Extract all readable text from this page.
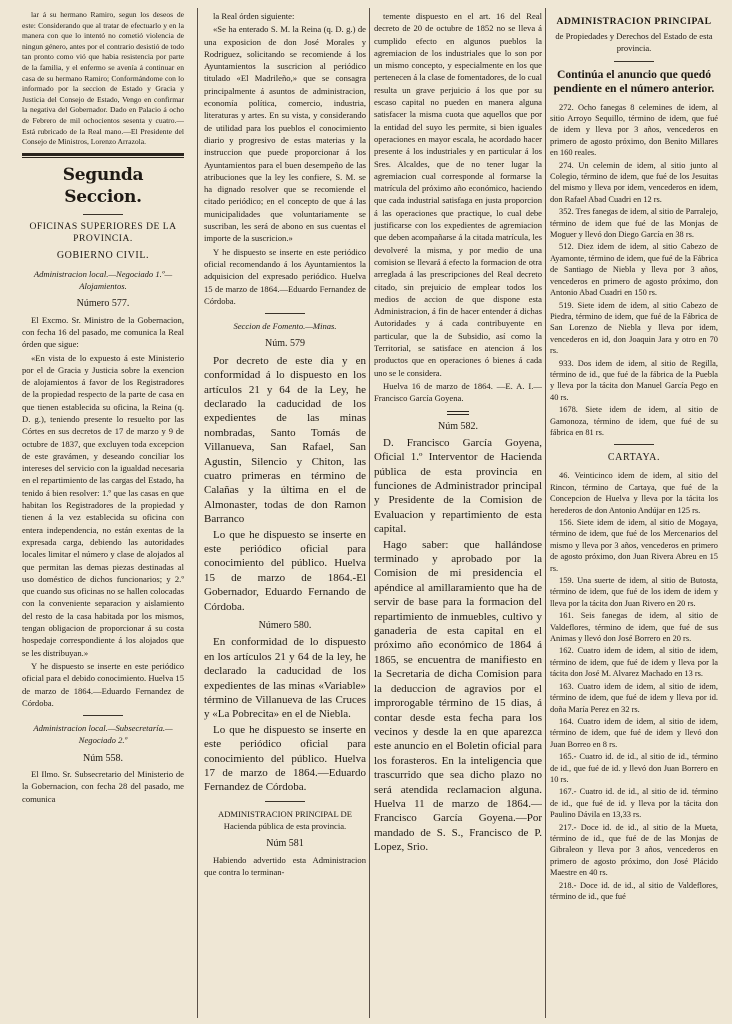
lar á su hermano Ramiro, segun los deseos de este: Considerando que al tratar de efectuarlo y en la manera con que lo intentó no cometió violencia de ningun género, antes por el contrario desistió de todo tan pronto como vió que habia resistencia por parte de la familia, y el enfermo se avenía á continuar en casa de su hermano Ramiro; Conformándome con lo informado por la seccion de Estado y Gracia y Justicia del Consejo de Estado, Vengo en confirmar la negativa del Gobernador. Dado en Palacio á ocho de Febrero de mil ochocientos sesenta y cuatro.— Está rubricado de la Real mano.—El Presidente del Consejo de Ministros, Lorenzo Arrazola.

Segunda Seccion.
OFICINAS SUPERIORES DE LA PROVINCIA.
GOBIERNO CIVIL.

Administracion local.—Negociado 1.º—Alojamientos.

Número 577.

El Excmo. Sr. Ministro de la Gobernacion, con fecha 16 del pasado, me comunica la Real órden que sigue:

«En vista de lo expuesto á este Ministerio por el de Gracia y Justicia sobre la exencion de alojamientos á favor de los Registradores de la propiedad respecto de la parte de casa en que tienen establecida su oficina, la Reina (q. D. g.), teniendo presente lo resuelto por las Córtes en sus decretos de 17 de marzo y 9 de octubre de 1837, que excluyen toda excepcion de este gravámen, y deseando conciliar los intereses del servicio con la igualdad necesaria en el repartimiento de las cargas del Estado, ha tenido á bien resolver: 1.º que las casas en que habitan los Registradores de la propiedad y tienen á la vez establecida su oficina con entera independencia, no están exentas de la expresada carga, debiendo las autoridades locales limitar el número y clase de alojados al que permitan las demas piezas destinadas al uso doméstico de dichos funcionarios; y 2.º que cuando sus oficinas no se hallen colocadas con la conveniente separacion y aislamiento del resto de la casa habitada por los mismos, tengan obligacion de proporcionar á su costa hospedaje correspondiente á los alojados que se les distribuyan.»

Y he dispuesto se inserte en este periódico oficial para el debido conocimiento. Huelva 15 de marzo de 1864.—Eduardo Fernandez de Córdoba.

Administracion local.—Subsecretaría.—Negociado 2.º

Núm 558.

El Ilmo. Sr. Subsecretario del Ministerio de la Gobernacion, con fecha 28 del pasado, me comunica

la Real órden siguiente:

«Se ha enterado S. M. la Reina (q. D. g.) de una exposicion de don José Morales y Rodriguez, solicitando se recomiende á los Ayuntamientos la suscricion al periódico titulado «El Madrileño,» que se consagra principalmente á asuntos de administracion, economía política, comercio, industria, literaturas y artes. En su vista, y considerando de utilidad para los pueblos el conocimiento diario y progresivo de estas materias y la instruccion que puede proporcionar á los Ayuntamientos para el buen desempeño de las atribuciones que la ley les confiere, S. M. se ha dignado resolver que se recomiende el citado periódico; en el concepto de que á las municipalidades que voluntariamente se suscriban, les será de abono en sus cuentas el importe de la suscricion.»

Y he dispuesto se inserte en este periódico oficial recomendando á los Ayuntamientos la adquisicion del expresado periódico. Huelva 15 de marzo de 1864.—Eduardo Fernandez de Córdoba.

Seccion de Fomento.—Minas.

Núm. 579

Por decreto de este dia y en conformidad á lo dispuesto en los artículos 21 y 64 de la Ley, he declarado la caducidad de los expedientes de las minas nombradas, Santo Tomás de Villanueva, San Rafael, San Agustin, Silencio y Chiton, las cuatro primeras en término de Calañas y la última en el de Almonaster, todas de don Ramon Barranco

Lo que he dispuesto se inserte en este periódico oficial para conocimiento del público. Huelva 15 de marzo de 1864.-El Gobernador, Eduardo Fernando de Córdoba.

Número 580.

En conformidad de lo dispuesto en los artículos 21 y 64 de la ley, he declarado la caducidad de los expedientes de las minas «Variable» término de Villanueva de las Cruces y «La Pobrecita» en el de Niebla.

Lo que he dispuesto se inserte en este periódico oficial para conocimiento del público. Huelva 17 de marzo de 1864.—Eduardo Fernandez de Córdoba.

ADMINISTRACION PRINCIPAL DE Hacienda pública de esta provincia.

Núm 581

Habiendo advertido esta Administracion que contra lo terminan-

temente dispuesto en el art. 16 del Real decreto de 20 de octubre de 1852 no se lleva á cumplido efecto en algunos pueblos la agremiacion de los industriales que lo son por un mismo concepto, y especialmente en los que pertenecen á la clase de fomentadores, de lo cual resulta un grave perjuicio á los que por su escaso capital no pueden en manera alguna satisfacer la misma cuota que aquellos que por la entidad del suyo les permite, si bien iguales operaciones en mayor escala, he acordado hacer presente á los industriales y en particular á los Sres. Alcaldes, que de no tener lugar la agremiacion cual corresponde al formarse la matrícula del próximo año económico, haciendo que cada industrial satisfaga en justa proporcion á las operaciones que practique, lo cual debe justificarse con los expedientes de agremiacion que deben acompañarse á la citada matrícula, les devolveré la misma, y por medio de una comision se llevará á efecto la formacion de otra arreglada á las prescripciones del Real decreto citado, sin prejuicio de emplear todos los medios de accion de que dispone esta Administracion, á fin de hacer entender á dichas Autoridades y á cada contribuyente en particular, que la de Subsidio, así como la Territorial, se satisface en atencion á los productos que en operaciones ó bienes á cada uno se le considera.

Huelva 16 de marzo de 1864. —E. A. I.—Francisco García Goyena.

Núm 582.

D. Francisco García Goyena, Oficial 1.º Interventor de Hacienda pública de esta provincia en funciones de Administrador principal y Presidente de la Comision de Evaluacion y repartimiento de esta capital.

Hago saber: que hallándose terminado y aprobado por la Comision de mi presidencia el apéndice al amillaramiento que ha de servir de base para la formacion del repartimiento de inmuebles, cultivo y ganaderia de esta capital en el próximo año económico de 1864 á 1865, se encuentra de manifiesto en la Secretaria de dicha Comision para la deduccion de agravios por el improrogable término de 15 dias, á contar desde esta fecha para los vecinos y desde la en que aparezca este anuncio en el Boletin oficial para los forasteros. En la inteligencia que trascurrido que sea dicho plazo no será atendida reclamacion alguna. Huelva 11 de marzo de 1864.—Francisco García Goyena.—Por mandado de S. S., Francisco de P. Lopez, Srio.

ADMINISTRACION PRINCIPAL

de Propiedades y Derechos del Estado de esta provincia.

Continúa el anuncio que quedó pendiente en el número anterior.

272. Ocho fanegas 8 celemines de idem, al sitio Arroyo Sequillo, término de idem, que fué de idem y lleva por 3 años, vencederos en primero de agosto próximo, don Benito Millares en 160 reales.

274. Un celemin de idem, al sitio junto al Colegio, término de idem, que fué de los Jesuitas del mismo y lleva por idem, vencederos en idem, don Rafael Abad Cuadri en 12 rs.

352. Tres fanegas de idem, al sitio de Parralejo, término de idem que fué de las Monjas de Moguer y llevó don Diego García en 38 rs.

512. Diez idem de idem, al sitio Cabezo de Ayamonte, término de idem, que fué de la Fábrica de Santiago de Niebla y lleva por 3 años, vencederos en primero de agosto próximo, don Antonio Abad Cuadri en 150 rs.

519. Siete idem de idem, al sitio Cabezo de Piedra, término de idem, que fué de la Fábrica de San Lorenzo de Niebla y lleva por idem, vencederos en id, don Joaquin Jara y otro en 70 rs.

933. Dos idem de idem, al sitio de Regilla, término de id., que fué de la fábrica de la Puebla y lleva por la tácita don Manuel García Pego en 40 rs.

1678. Siete idem de idem, al sitio de Gamonoza, término de idem, que fué de su fábrica en 81 rs.

CARTAYA.

46. Veinticinco idem de idem, al sitio del Rincon, término de Cartaya, que fué de la Concepcion de Huelva y lleva por la tácita los herederos de don Antonio Andújar en 125 rs.

156. Siete idem de idem, al sitio de Mogaya, término de idem, que fué de los Mercenarios del mismo y lleva por 3 años, vencederos en primero de agosto próximo, don Juan Rivera Abreu en 15 rs.

159. Una suerte de idem, al sitio de Butosta, término de idem, que fué de los idem de idem y lleva por la tácita don Juan Rivero en 20 rs.

161. Seis fanegas de idem, al sitio de Valdeflores, término de idem, que fué de sus Animas y llevó don José Borrero en 20 rs.

162. Cuatro idem de idem, al sitio de idem, término de idem, que fué de idem y lleva por la tácita don José M. Alvarez Machado en 13 rs.

163. Cuatro idem de idem, al sitio de idem, término de idem, que fué de idem y lleva por id. doña María Perez en 32 rs.

164. Cuatro idem de idem, al sitio de idem, término de idem, que fué de idem y llevó don Juan Borreo en 8 rs.

165.- Cuatro id. de id., al sitio de id., término de id., que fué de id. y llevó don Juan Borrero en 10 rs.

167.- Cuatro id. de id., al sitio de id. término de id., que fué de id. y lleva por la tácita don Paulino Dávila en 13,33 rs.

217.- Doce id. de id., al sitio de la Mueta, término de id., que fué de de las Monjas de Gibraleon y lleva por 3 años, vencederos en primero de agosto próximo, don José Plácido Maestre en 40 rs.

218.- Doce id. de id., al sitio de Valdeflores, término de id., que fué
